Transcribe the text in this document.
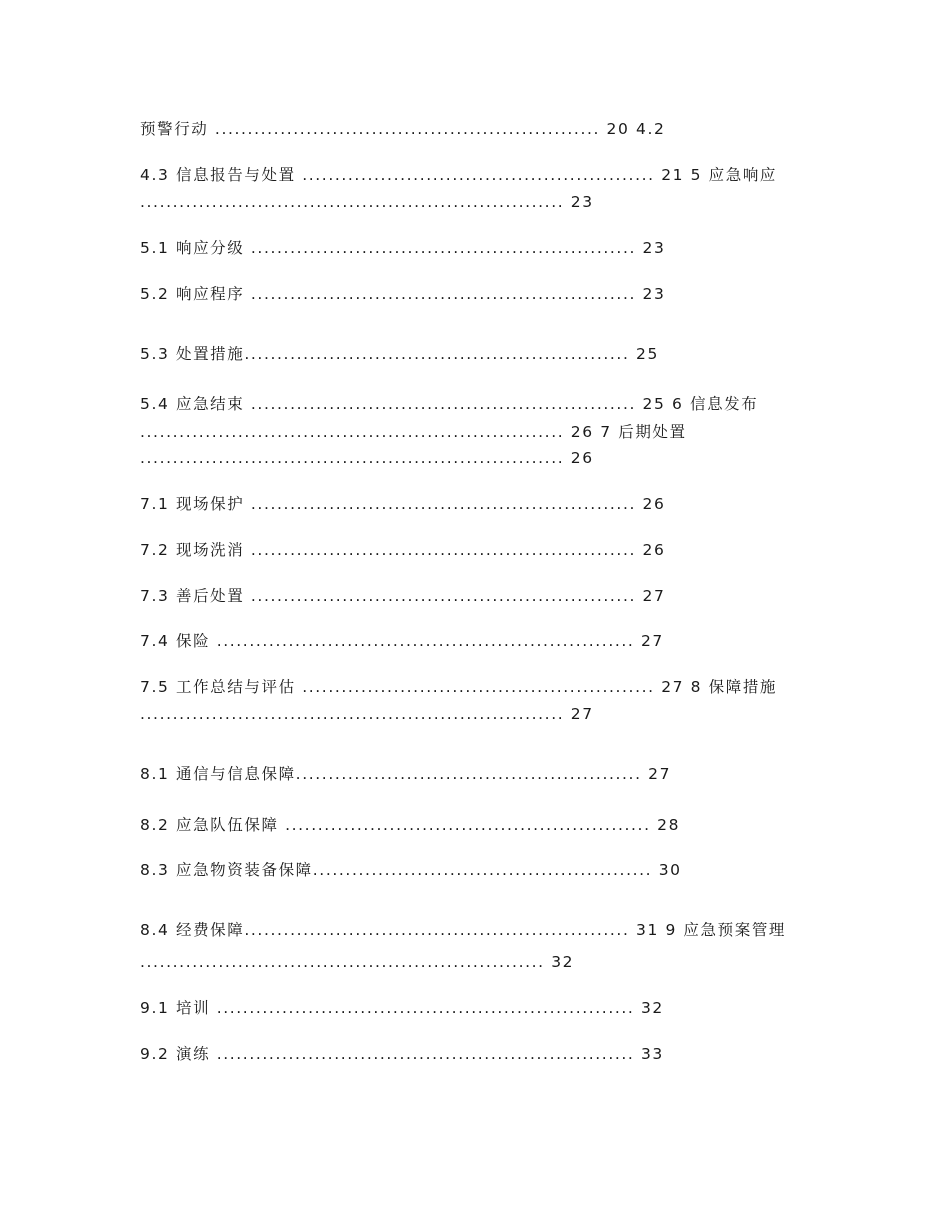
预警行动 ........................................................... 20 4.2
4.3 信息报告与处置 ...................................................... 21 5 应急响应
................................................................. 23
5.1 响应分级 ........................................................... 23
5.2 响应程序 ........................................................... 23
5.3 处置措施........................................................... 25
5.4 应急结束 ........................................................... 25 6 信息发布
................................................................. 26 7 后期处置
................................................................. 26
7.1 现场保护 ........................................................... 26
7.2 现场洗消 ........................................................... 26
7.3 善后处置 ........................................................... 27
7.4 保险 ................................................................ 27
7.5 工作总结与评估 ...................................................... 27 8 保障措施
................................................................. 27
8.1 通信与信息保障..................................................... 27
8.2 应急队伍保障 ........................................................ 28
8.3 应急物资装备保障.................................................... 30
8.4 经费保障........................................................... 31 9 应急预案管理
.............................................................. 32
9.1 培训 ................................................................ 32
9.2 演练 ................................................................ 33
